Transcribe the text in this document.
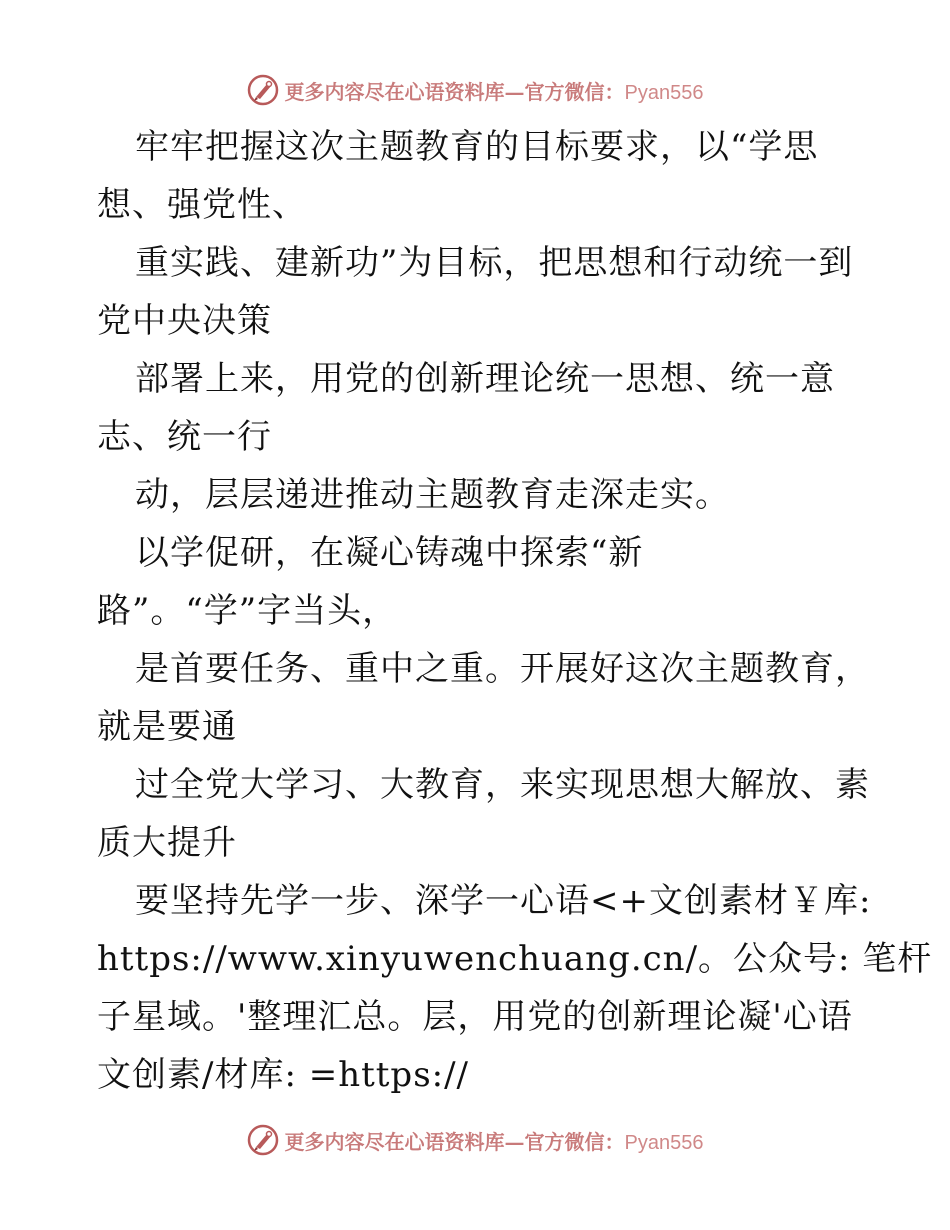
更多内容尽在心语资料库—官方微信：Pyan556
牢牢把握这次主题教育的目标要求，以“学思
想、强党性、
重实践、建新功”为目标，把思想和行动统一到
党中央决策
部署上来，用党的创新理论统一思想、统一意
志、统一行
动，层层递进推动主题教育走深走实。
以学促研，在凝心铸魂中探索“新
路”。“学”字当头，
是首要任务、重中之重。开展好这次主题教育，
就是要通
过全党大学习、大教育，来实现思想大解放、素
质大提升
要坚持先学一步、深学一心语<+文创素材￥库:
https://www.xinyuwenchuang.cn/。公众号: 笔杆
子星域。'整理汇总。层，用党的创新理论凝'心语
文创素/材库: =https://
更多内容尽在心语资料库—官方微信：Pyan556
